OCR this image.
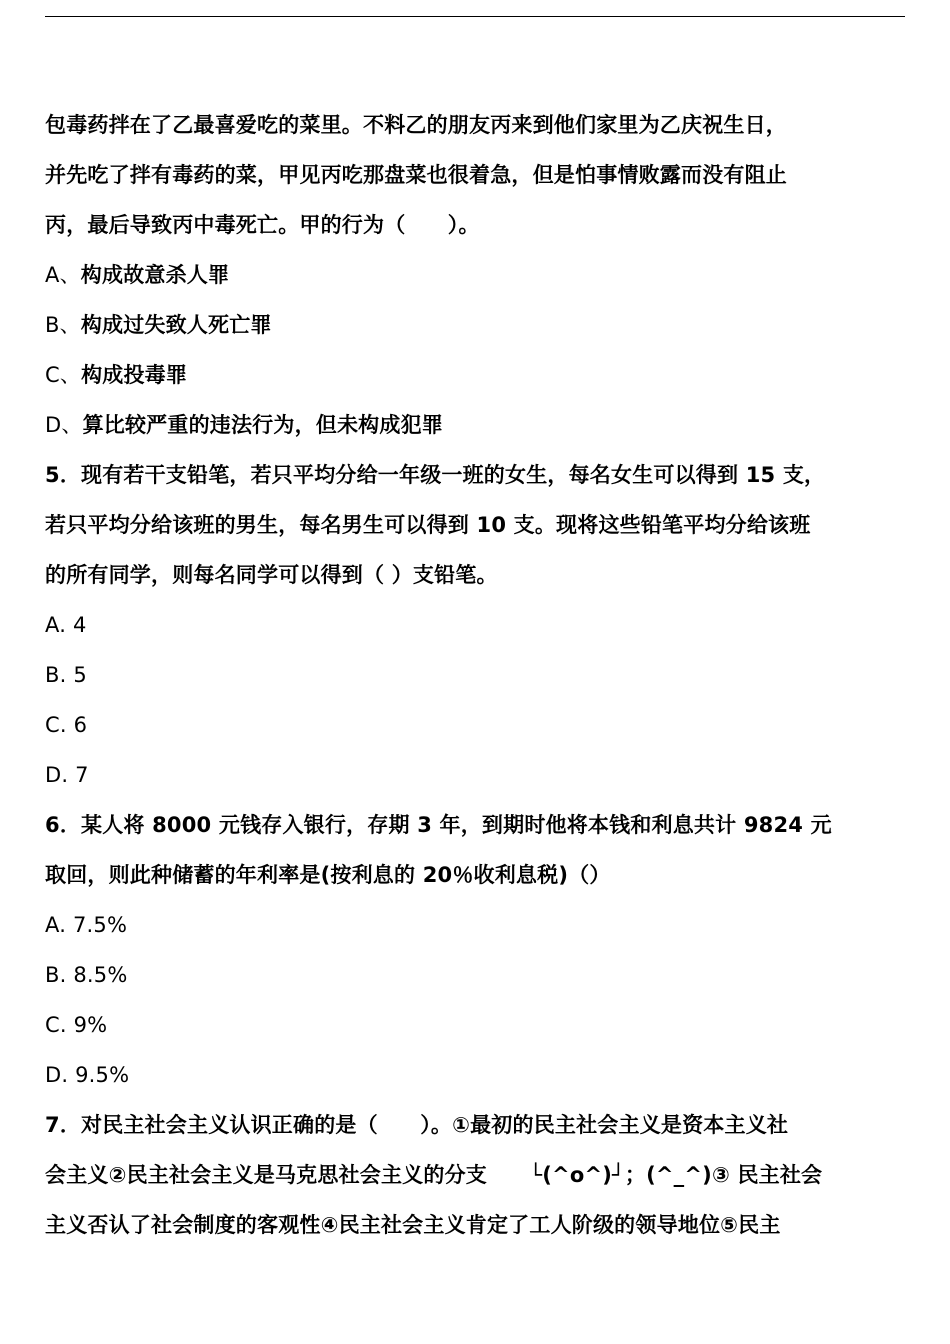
包毒药拌在了乙最喜爱吃的菜里。不料乙的朋友丙来到他们家里为乙庆祝生日，
并先吃了拌有毒药的菜，甲见丙吃那盘菜也很着急，但是怕事情败露而没有阻止
丙，最后导致丙中毒死亡。甲的行为（　　）。
A、构成故意杀人罪
B、构成过失致人死亡罪
C、构成投毒罪
D、算比较严重的违法行为，但未构成犯罪
5．现有若干支铅笔，若只平均分给一年级一班的女生，每名女生可以得到 15 支，
若只平均分给该班的男生，每名男生可以得到 10 支。现将这些铅笔平均分给该班
的所有同学，则每名同学可以得到（ ）支铅笔。
A. 4
B. 5
C. 6
D. 7
6．某人将 8000 元钱存入银行，存期 3 年，到期时他将本钱和利息共计 9824 元
取回，则此种储蓄的年利率是(按利息的 20％收利息税)（）
A. 7.5%
B. 8.5%
C. 9%
D. 9.5%
7．对民主社会主义认识正确的是（　　）。①最初的民主社会主义是资本主义社
会主义②民主社会主义是马克思社会主义的分支　　└(^o^)┘；(^_^)③ 民主社会
主义否认了社会制度的客观性④民主社会主义肯定了工人阶级的领导地位⑤民主
